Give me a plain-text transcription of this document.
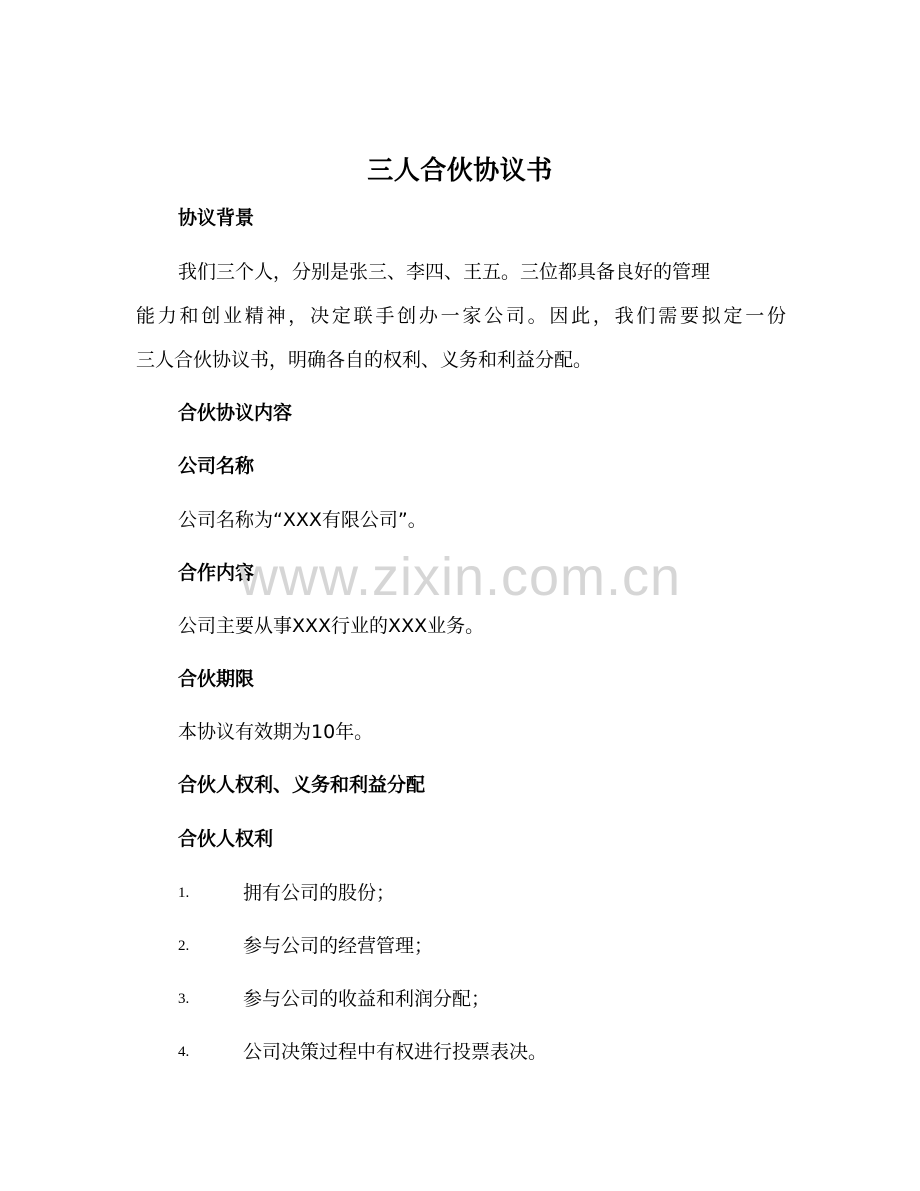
三人合伙协议书
协议背景
我们三个人，分别是张三、李四、王五。三位都具备良好的管理
能力和创业精神，决定联手创办一家公司。因此，我们需要拟定一份
三人合伙协议书，明确各自的权利、义务和利益分配。
合伙协议内容
公司名称
公司名称为“XXX有限公司”。
合作内容
公司主要从事XXX行业的XXX业务。
合伙期限
本协议有效期为10年。
合伙人权利、义务和利益分配
合伙人权利
1.	拥有公司的股份；
2.	参与公司的经营管理；
3.	参与公司的收益和利润分配；
4.	公司决策过程中有权进行投票表决。
www.zixin.com.cn
